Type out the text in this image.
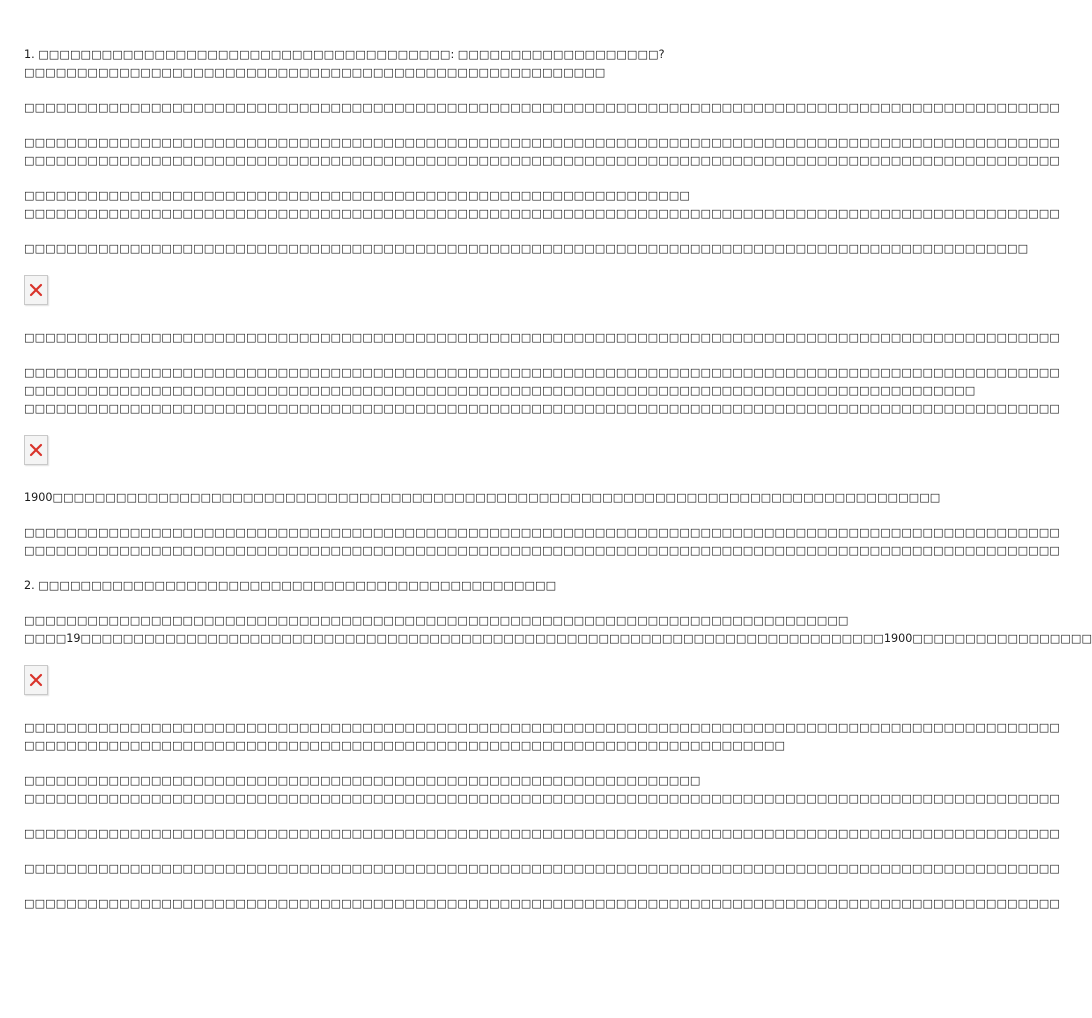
1. □□□□□□□□□□□□□□□□□□□□□□□□□□□□□□□□□□□□□□□: □□□□□□□□□□□□□□□□□□□?
□□□□□□□□□□□□□□□□□□□□□□□□□□□□□□□□□□□□□□□□□□□□□□□□□□□□□□□
□□□□□□□□□□□□□□□□□□□□□□□□□□□□□□□□□□□□□□□□□□□□□□□□□□□□□□□□□□□□□□□□□□□□□□□□□□□□□□□□□□□□□□□□□□□□□□□□□□
□□□□□□□□□□□□□□□□□□□□□□□□□□□□□□□□□□□□□□□□□□□□□□□□□□□□□□□□□□□□□□□□□□□□□□□□□□□□□□□□□□□□□□□□□□□□□□□□□□
□□□□□□□□□□□□□□□□□□□□□□□□□□□□□□□□□□□□□□□□□□□□□□□□□□□□□□□□□□□□□□□□□□□□□□□□□□□□□□□□□□□□□□□□□□□□□□□□□□
□□□□□□□□□□□□□□□□□□□□□□□□□□□□□□□□□□□□□□□□□□□□□□□□□□□□□□□□□□□□□□□
□□□□□□□□□□□□□□□□□□□□□□□□□□□□□□□□□□□□□□□□□□□□□□□□□□□□□□□□□□□□□□□□□□□□□□□□□□□□□□□□□□□□□□□□□□□□□□□□□□
□□□□□□□□□□□□□□□□□□□□□□□□□□□□□□□□□□□□□□□□□□□□□□□□□□□□□□□□□□□□□□□□□□□□□□□□□□□□□□□□□□□□□□□□□□□□□□□
□□□□□□□□□□□□□□□□□□□□□□□□□□□□□□□□□□□□□□□□□□□□□□□□□□□□□□□□□□□□□□□□□□□□□□□□□□□□□□□□□□□□□□□□□□□□□□□□□□
□□□□□□□□□□□□□□□□□□□□□□□□□□□□□□□□□□□□□□□□□□□□□□□□□□□□□□□□□□□□□□□□□□□□□□□□□□□□□□□□□□□□□□□□□□□□□□□□□□
□□□□□□□□□□□□□□□□□□□□□□□□□□□□□□□□□□□□□□□□□□□□□□□□□□□□□□□□□□□□□□□□□□□□□□□□□□□□□□□□□□□□□□□□□□
□□□□□□□□□□□□□□□□□□□□□□□□□□□□□□□□□□□□□□□□□□□□□□□□□□□□□□□□□□□□□□□□□□□□□□□□□□□□□□□□□□□□□□□□□□□□□□□□□□
1900□□□□□□□□□□□□□□□□□□□□□□□□□□□□□□□□□□□□□□□□□□□□□□□□□□□□□□□□□□□□□□□□□□□□□□□□□□□□□□□□□□□□
□□□□□□□□□□□□□□□□□□□□□□□□□□□□□□□□□□□□□□□□□□□□□□□□□□□□□□□□□□□□□□□□□□□□□□□□□□□□□□□□□□□□□□□□□□□□□□□□□□
□□□□□□□□□□□□□□□□□□□□□□□□□□□□□□□□□□□□□□□□□□□□□□□□□□□□□□□□□□□□□□□□□□□□□□□□□□□□□□□□□□□□□□□□□□□□□□□□□□
2. □□□□□□□□□□□□□□□□□□□□□□□□□□□□□□□□□□□□□□□□□□□□□□□□□
□□□□□□□□□□□□□□□□□□□□□□□□□□□□□□□□□□□□□□□□□□□□□□□□□□□□□□□□□□□□□□□□□□□□□□□□□□□□□□
□□□□19□□□□□□□□□□□□□□□□□□□□□□□□□□□□□□□□□□□□□□□□□□□□□□□□□□□□□□□□□□□□□□□□□□□□□□□□□□□□1900□□□□□□□□□□□□□□□□□
□□□□□□□□□□□□□□□□□□□□□□□□□□□□□□□□□□□□□□□□□□□□□□□□□□□□□□□□□□□□□□□□□□□□□□□□□□□□□□□□□□□□□□□□□□□□□□□□□□
□□□□□□□□□□□□□□□□□□□□□□□□□□□□□□□□□□□□□□□□□□□□□□□□□□□□□□□□□□□□□□□□□□□□□□□□
□□□□□□□□□□□□□□□□□□□□□□□□□□□□□□□□□□□□□□□□□□□□□□□□□□□□□□□□□□□□□□□□
□□□□□□□□□□□□□□□□□□□□□□□□□□□□□□□□□□□□□□□□□□□□□□□□□□□□□□□□□□□□□□□□□□□□□□□□□□□□□□□□□□□□□□□□□□□□□□□□□□
□□□□□□□□□□□□□□□□□□□□□□□□□□□□□□□□□□□□□□□□□□□□□□□□□□□□□□□□□□□□□□□□□□□□□□□□□□□□□□□□□□□□□□□□□□□□□□□□□□
□□□□□□□□□□□□□□□□□□□□□□□□□□□□□□□□□□□□□□□□□□□□□□□□□□□□□□□□□□□□□□□□□□□□□□□□□□□□□□□□□□□□□□□□□□□□□□□□□□
□□□□□□□□□□□□□□□□□□□□□□□□□□□□□□□□□□□□□□□□□□□□□□□□□□□□□□□□□□□□□□□□□□□□□□□□□□□□□□□□□□□□□□□□□□□□□□□□□□
